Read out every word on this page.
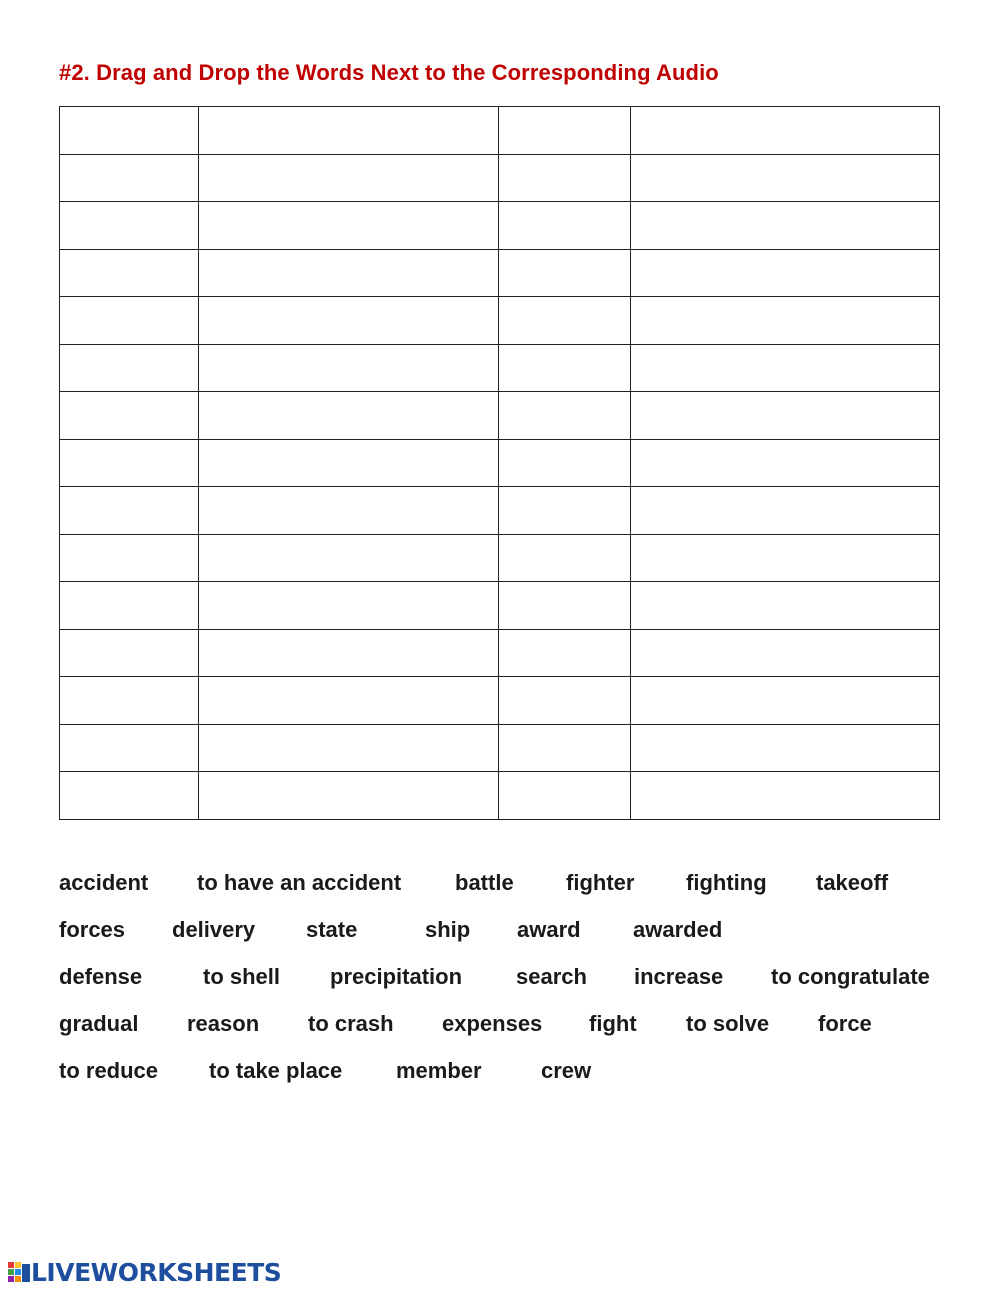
#2. Drag and Drop the Words Next to the Corresponding Audio

accident to have an accident battle fighter fighting takeoff
forces delivery state	ship award awarded
defense	to shell precipitation search increase to congratulate
gradual reason to crash expenses fight to solve force
to reduce to take place member	crew
LIVEWORKSHEETS
